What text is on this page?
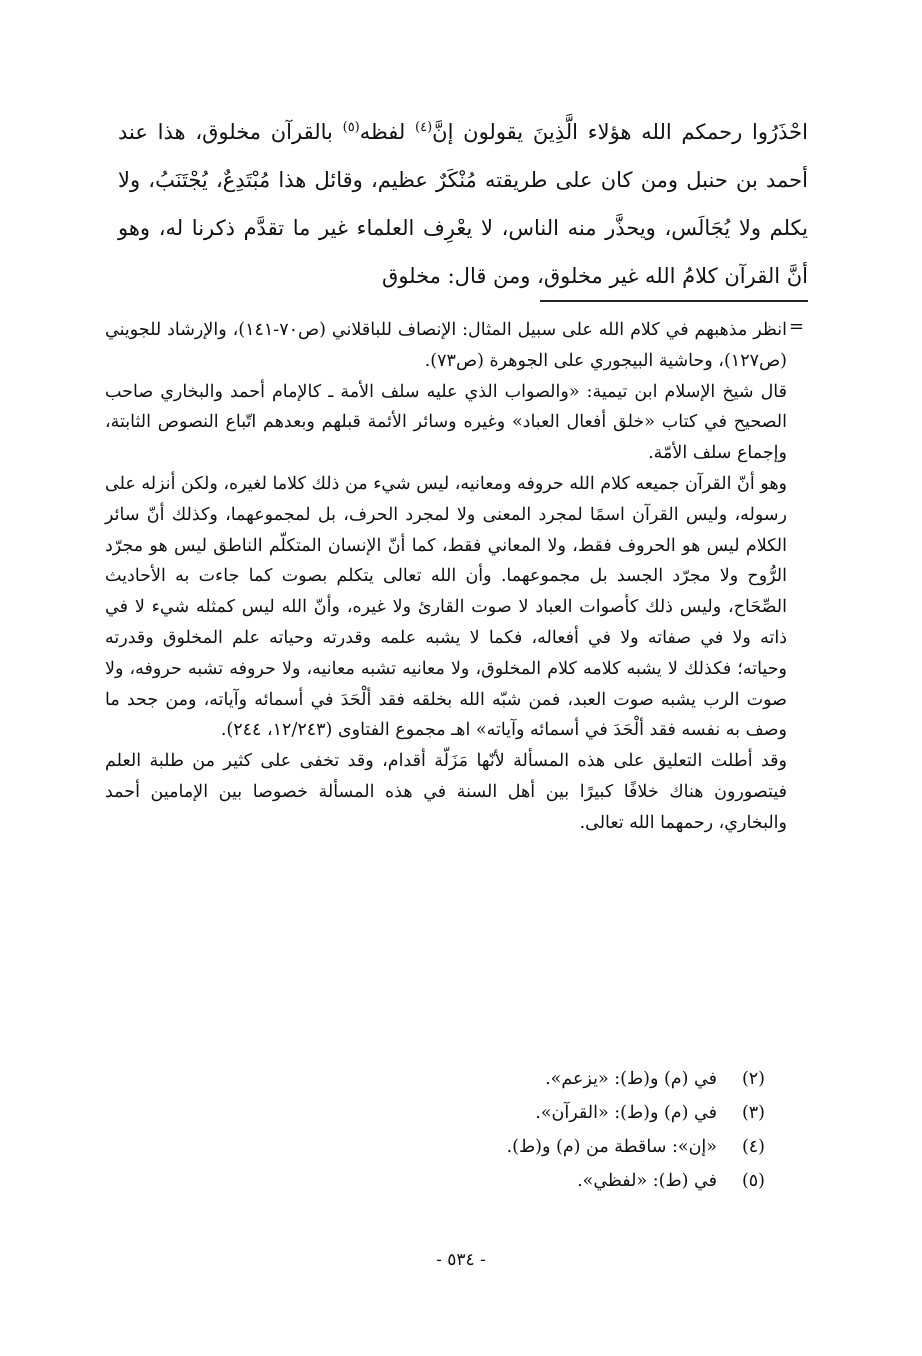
احْذَرُوا رحمكم الله هؤلاء الَّذِينَ يقولون إنَّ$^{(٤)}$ لفظه$^{(٥)}$ بالقرآن مخلوق، هذا عند أحمد بن حنبل ومن كان على طريقته مُنْكَرٌ عظيم، وقائل هذا مُبْتَدِعٌ، يُجْتَنَبُ، ولا يكلم ولا يُجَالَس، ويحذَّر منه الناس، لا يعْرِف العلماء غير ما تقدَّم ذكرنا له، وهو أنَّ القرآن كلامُ الله غير مخلوق، ومن قال: مخلوق

=

انظر مذهبهم في كلام الله على سبيل المثال: الإنصاف للباقلاني (ص٧٠-١٤١)، والإرشاد للجويني (ص١٢٧)، وحاشية البيجوري على الجوهرة (ص٧٣).

قال شيخ الإسلام ابن تيمية: «والصواب الذي عليه سلف الأمة ـ كالإمام أحمد والبخاري صاحب الصحيح في كتاب «خلق أفعال العباد» وغيره وسائر الأئمة قبلهم وبعدهم اتّباع النصوص الثابتة، وإجماع سلف الأمّة.

وهو أنّ القرآن جميعه كلام الله حروفه ومعانيه، ليس شيء من ذلك كلاما لغيره، ولكن أنزله على رسوله، وليس القرآن اسمًا لمجرد المعنى ولا لمجرد الحرف، بل لمجموعهما، وكذلك أنّ سائر الكلام ليس هو الحروف فقط، ولا المعاني فقط، كما أنّ الإنسان المتكلّم الناطق ليس هو مجرّد الرُّوح ولا مجرّد الجسد بل مجموعهما. وأن الله تعالى يتكلم بصوت كما جاءت به الأحاديث الصِّحَاح، وليس ذلك كأصوات العباد لا صوت القارئ ولا غيره، وأنّ الله ليس كمثله شيء لا في ذاته ولا في صفاته ولا في أفعاله، فكما لا يشبه علمه وقدرته وحياته علم المخلوق وقدرته وحياته؛ فكذلك لا يشبه كلامه كلام المخلوق، ولا معانيه تشبه معانيه، ولا حروفه تشبه حروفه، ولا صوت الرب يشبه صوت العبد، فمن شبّه الله بخلقه فقد ألْحَدَ في أسمائه وآياته، ومن جحد ما وصف به نفسه فقد ألْحَدَ في أسمائه وآياته» اهـ مجموع الفتاوى (١٢/٢٤٣، ٢٤٤).

وقد أطلت التعليق على هذه المسألة لأنّها مَزَلّة أقدام، وقد تخفى على كثير من طلبة العلم فيتصورون هناك خلافًا كبيرًا بين أهل السنة في هذه المسألة خصوصا بين الإمامين أحمد والبخاري، رحمهما الله تعالى.

(٢)
في (م) و(ط): «يزعم».
(٣)
في (م) و(ط): «القرآن».
(٤)
«إن»: ساقطة من (م) و(ط).
(٥)
في (ط): «لفظي».
- ٥٣٤ -
